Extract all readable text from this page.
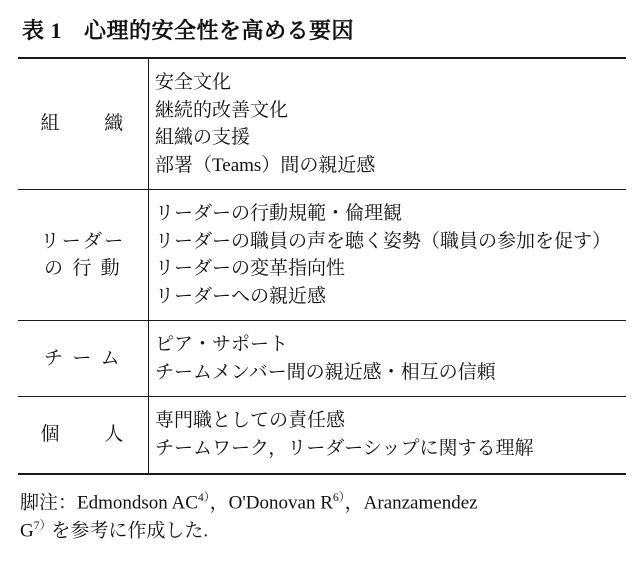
表 1 心理的安全性を高める要因
組　　織	安全文化
継続的改善文化
組織の支援
部署（Teams）間の親近感

リーダー
の 行 動	リーダーの行動規範・倫理観
リーダーの職員の声を聴く姿勢（職員の参加を促す）
リーダーの変革指向性
リーダーへの親近感

チ ー ム	ピア・サポート
チームメンバー間の親近感・相互の信頼

個　　人	専門職としての責任感
チームワーク，リーダーシップに関する理解
脚注：Edmondson $AC^{4)}$，O'Donovan $R^{6)}$，Aranzamendez
$G^{7)}$を参考に作成した.
